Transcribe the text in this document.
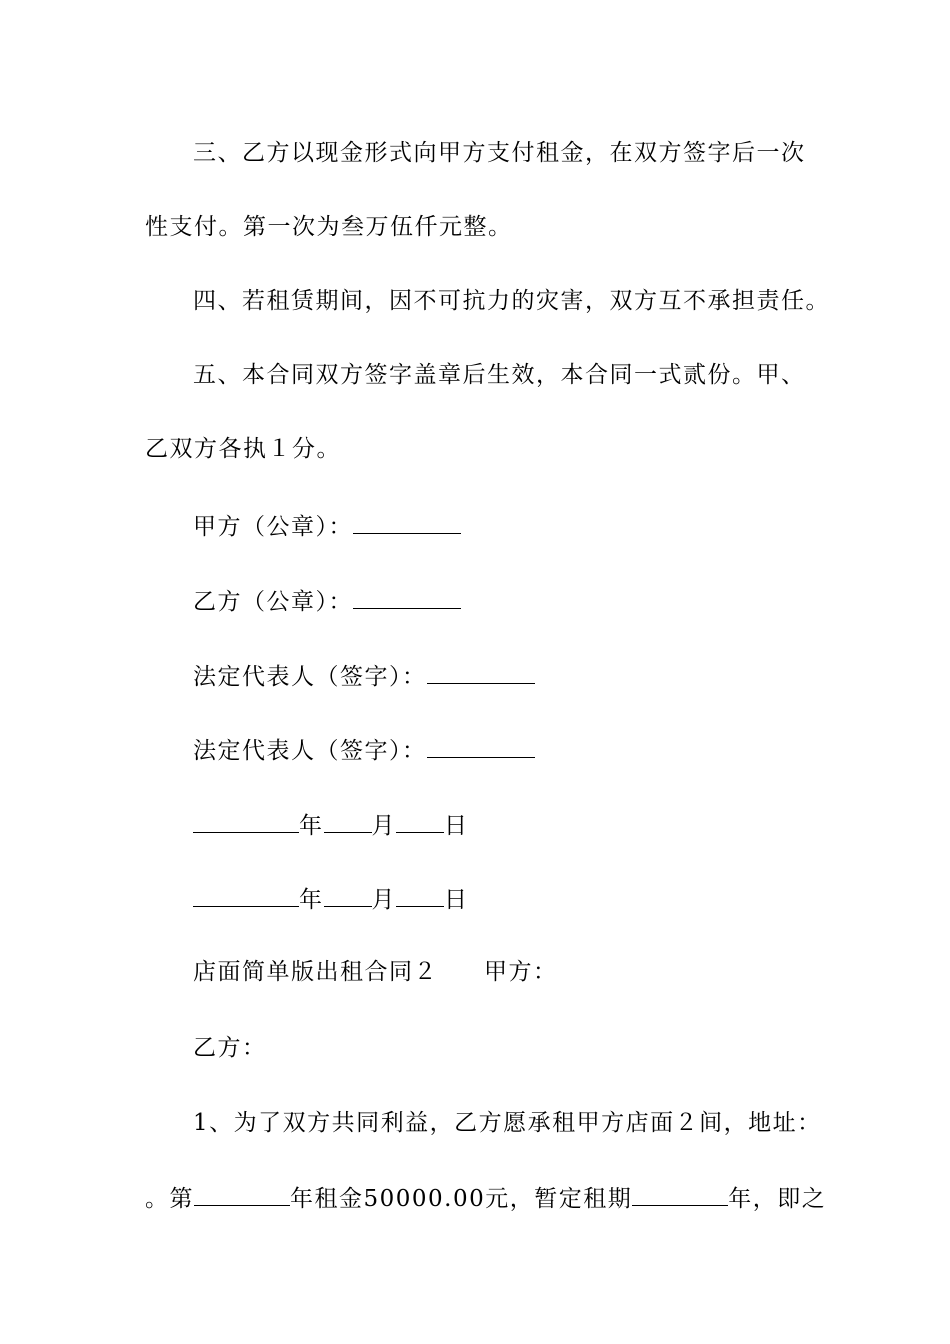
三、乙方以现金形式向甲方支付租金，在双方签字后一次
性支付。第一次为叁万伍仟元整。
四、若租赁期间，因不可抗力的灾害，双方互不承担责任。
五、本合同双方签字盖章后生效，本合同一式贰份。甲、
乙双方各执１分。
甲方（公章）：
乙方（公章）：
法定代表人（签字）：
法定代表人（签字）：
年 月 日
年 月 日
店面简单版出租合同２ 甲方：
乙方：
1、为了双方共同利益，乙方愿承租甲方店面２间，地址：
。第	年租金50000.00元，暂定租期	年，即之
